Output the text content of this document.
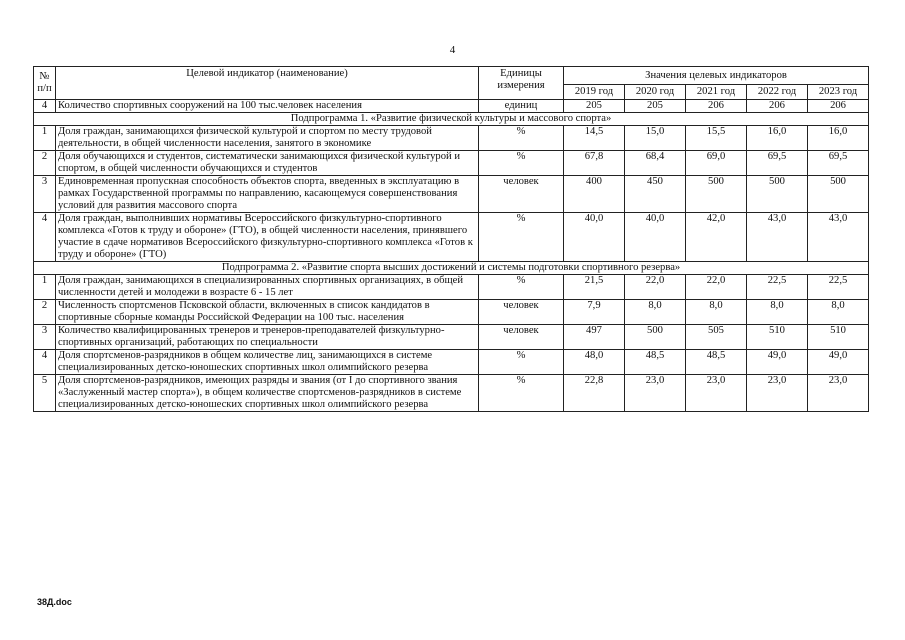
4
№ п/п	Целевой индикатор (наименование)	Единицы измерения	Значения целевых индикаторов				
			2019 год	2020 год	2021 год	2022 год	2023 год
4	Количество спортивных сооружений на 100 тыс.человек населения	единиц	205	205	206	206	206
Подпрограмма 1. «Развитие физической культуры и массового спорта»							
1	Доля граждан, занимающихся физической культурой и спортом по месту трудовой деятельности, в общей численности населения, занятого в экономике	%	14,5	15,0	15,5	16,0	16,0
2	Доля обучающихся и студентов, систематически занимающихся физической культурой и спортом, в общей численности обучающихся и студентов	%	67,8	68,4	69,0	69,5	69,5
3	Единовременная пропускная способность объектов спорта, введенных в эксплуатацию в рамках Государственной программы по направлению, касающемуся совершенствования условий для развития массового спорта	человек	400	450	500	500	500
4	Доля граждан, выполнивших нормативы Всероссийского физкультурно-спортивного комплекса «Готов к труду и обороне» (ГТО), в общей численности населения, принявшего участие в сдаче нормативов Всероссийского физкультурно-спортивного комплекса «Готов к труду и обороне» (ГТО)	%	40,0	40,0	42,0	43,0	43,0
Подпрограмма 2. «Развитие спорта высших достижений и системы подготовки спортивного резерва»							
1	Доля граждан, занимающихся в специализированных спортивных организациях, в общей численности детей и молодежи в возрасте 6 - 15 лет	%	21,5	22,0	22,0	22,5	22,5
2	Численность спортсменов Псковской области, включенных в список кандидатов в спортивные сборные команды Российской Федерации на 100 тыс. населения	человек	7,9	8,0	8,0	8,0	8,0
3	Количество квалифицированных тренеров и тренеров-преподавателей физкультурно-спортивных организаций, работающих по специальности	человек	497	500	505	510	510
4	Доля спортсменов-разрядников в общем количестве лиц, занимающихся в системе специализированных детско-юношеских спортивных школ олимпийского резерва	%	48,0	48,5	48,5	49,0	49,0
5	Доля спортсменов-разрядников, имеющих разряды и звания (от I до спортивного звания «Заслуженный мастер спорта»), в общем количестве спортсменов-разрядников в системе специализированных детско-юношеских спортивных школ олимпийского резерва	%	22,8	23,0	23,0	23,0	23,0
38Д.doc
